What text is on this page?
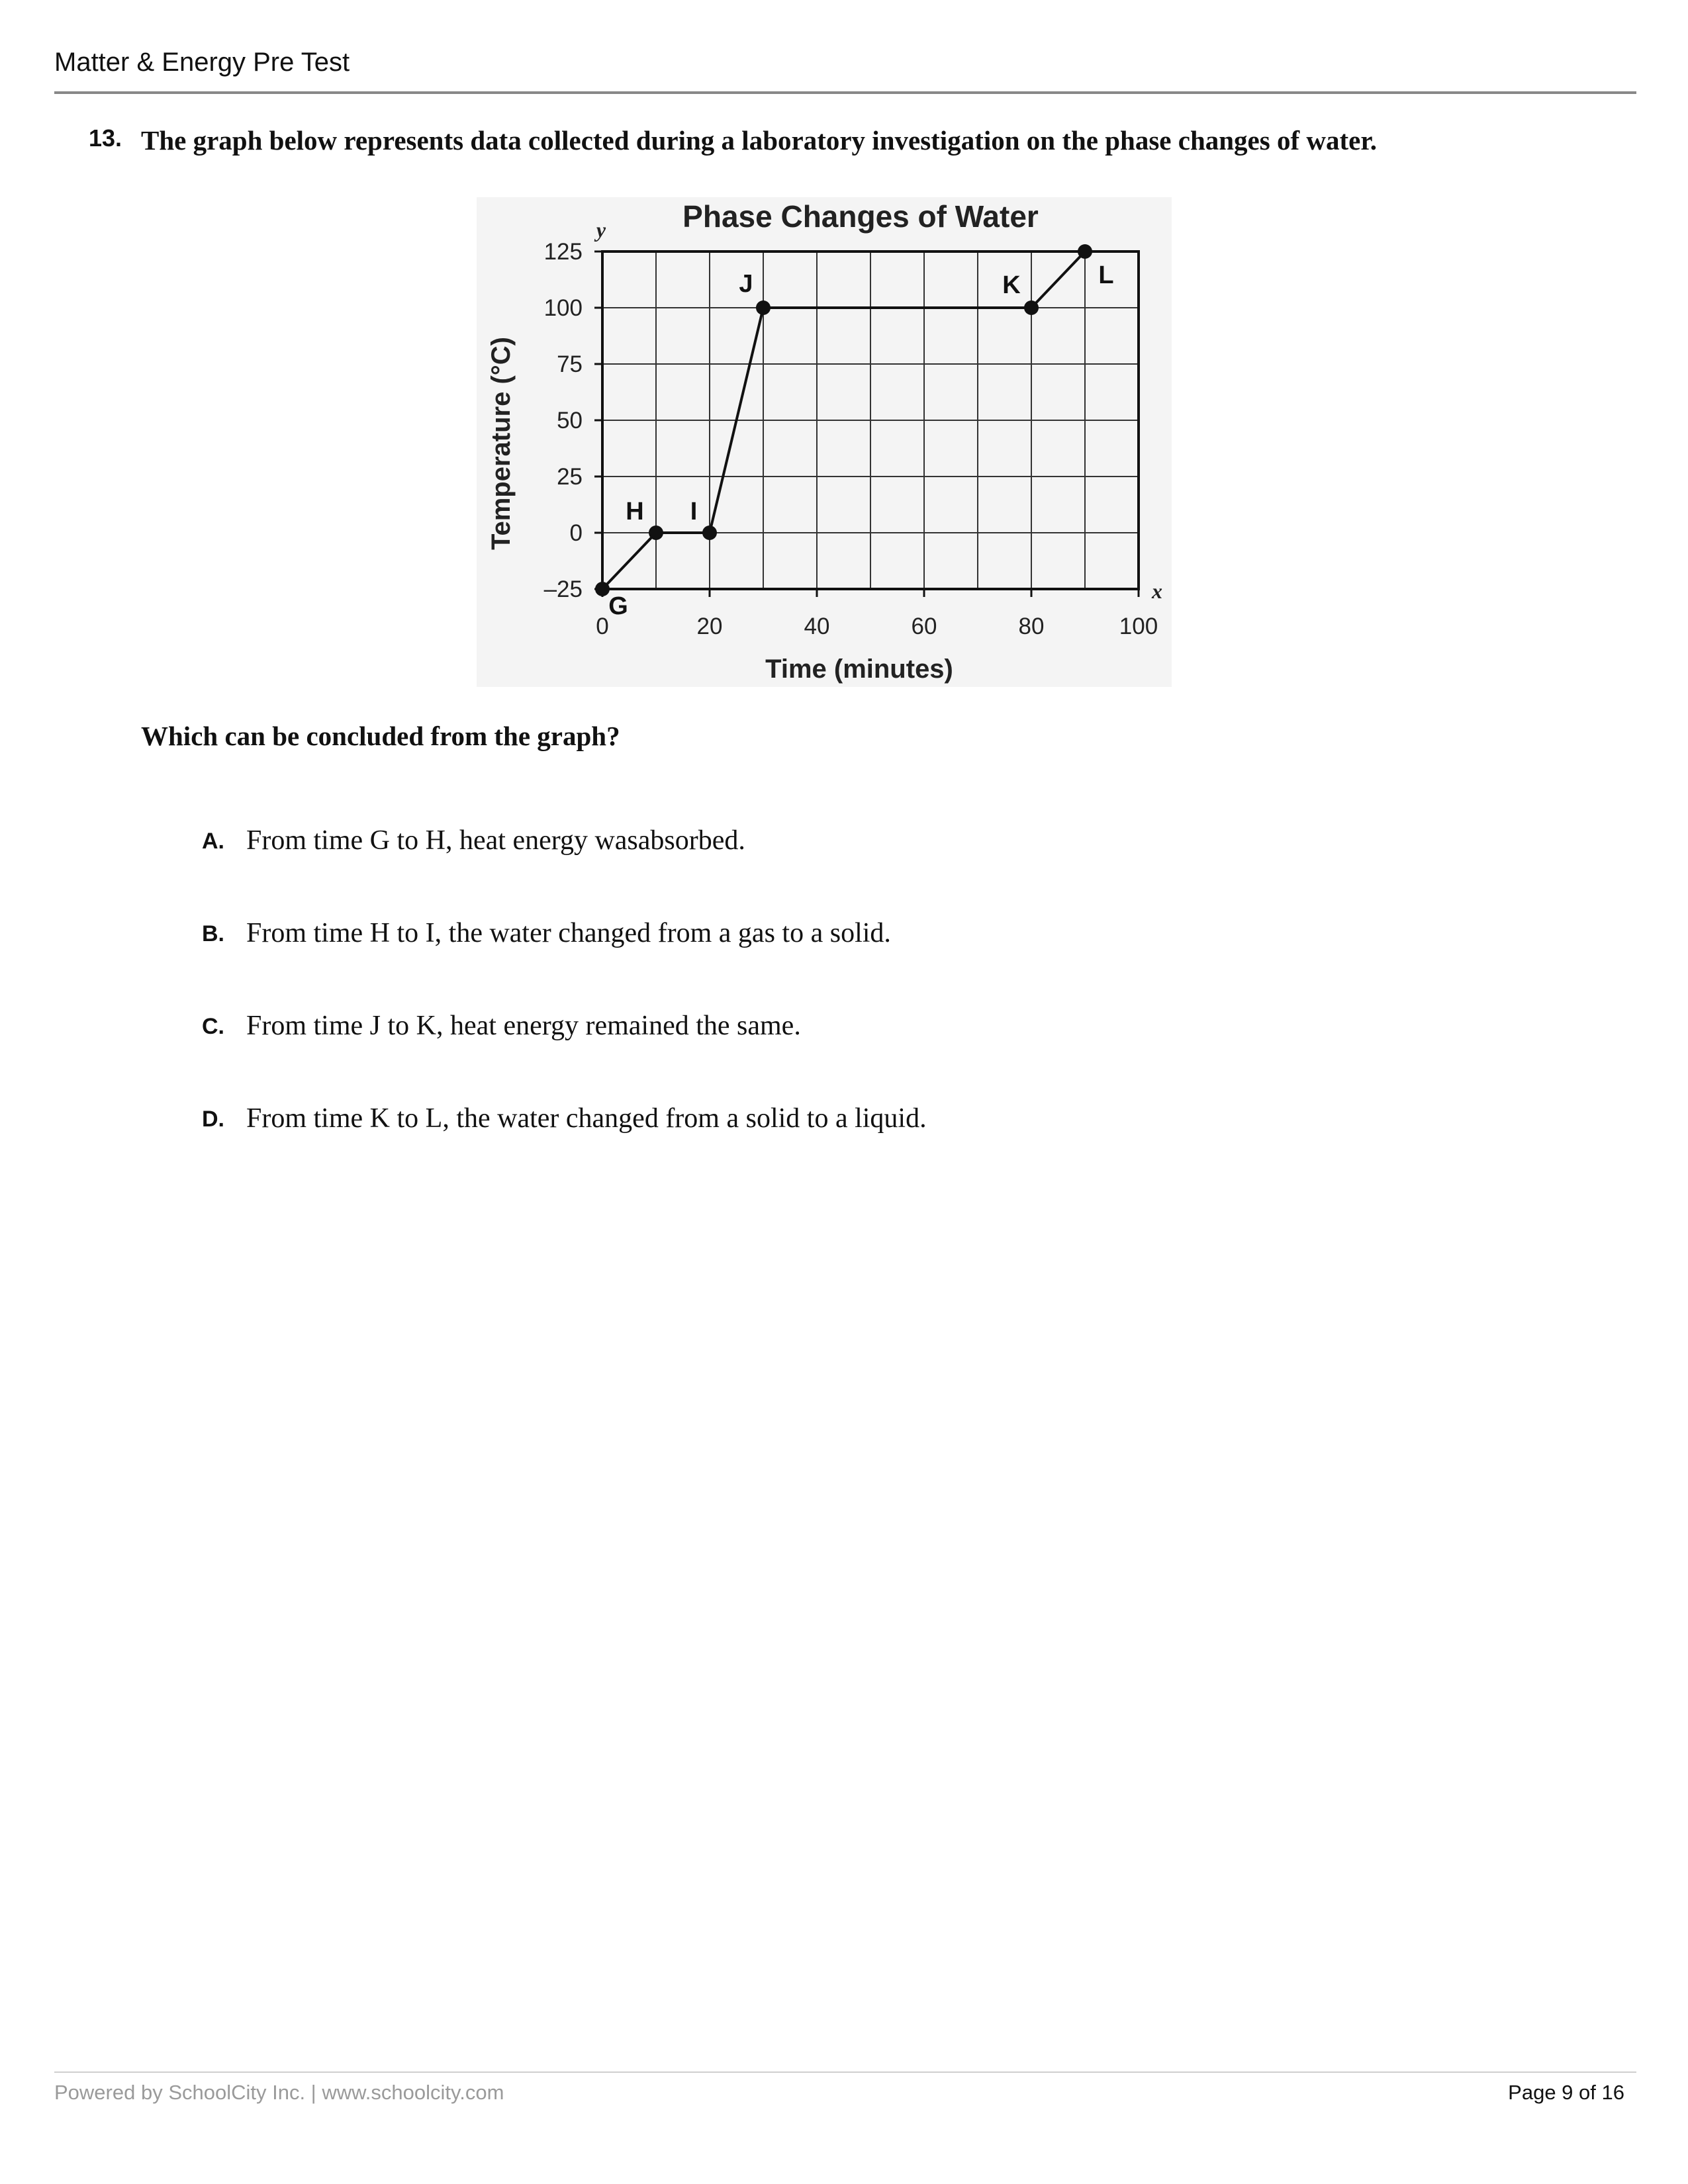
Matter & Energy Pre Test
13. The graph below represents data collected during a laboratory investigation on the phase changes of water.
125
100
75
50
25
0
–25
0	20	40	60	80	100
G
H I
J	K	L
Phase Changes of Water
y
x
Time (minutes)
Temperature (°C)
Which can be concluded from the graph?
A. From time G to H, heat energy wasabsorbed.
B. From time H to I, the water changed from a gas to a solid.
C. From time J to K, heat energy remained the same.
D. From time K to L, the water changed from a solid to a liquid.
Powered by SchoolCity Inc. | www.schoolcity.com	Page 9 of 16
